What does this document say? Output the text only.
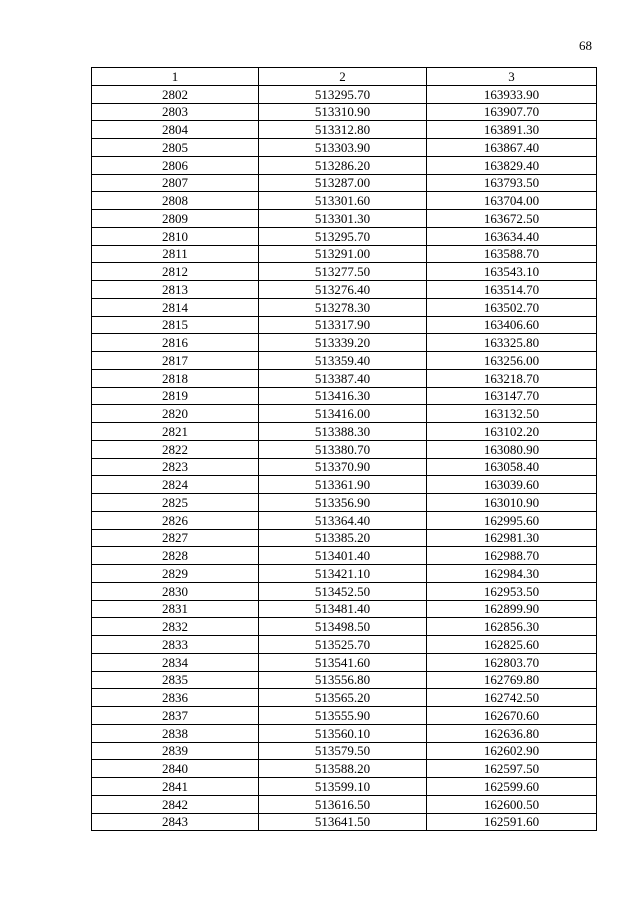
68
1	2	3
2802	513295.70	163933.90
2803	513310.90	163907.70
2804	513312.80	163891.30
2805	513303.90	163867.40
2806	513286.20	163829.40
2807	513287.00	163793.50
2808	513301.60	163704.00
2809	513301.30	163672.50
2810	513295.70	163634.40
2811	513291.00	163588.70
2812	513277.50	163543.10
2813	513276.40	163514.70
2814	513278.30	163502.70
2815	513317.90	163406.60
2816	513339.20	163325.80
2817	513359.40	163256.00
2818	513387.40	163218.70
2819	513416.30	163147.70
2820	513416.00	163132.50
2821	513388.30	163102.20
2822	513380.70	163080.90
2823	513370.90	163058.40
2824	513361.90	163039.60
2825	513356.90	163010.90
2826	513364.40	162995.60
2827	513385.20	162981.30
2828	513401.40	162988.70
2829	513421.10	162984.30
2830	513452.50	162953.50
2831	513481.40	162899.90
2832	513498.50	162856.30
2833	513525.70	162825.60
2834	513541.60	162803.70
2835	513556.80	162769.80
2836	513565.20	162742.50
2837	513555.90	162670.60
2838	513560.10	162636.80
2839	513579.50	162602.90
2840	513588.20	162597.50
2841	513599.10	162599.60
2842	513616.50	162600.50
2843	513641.50	162591.60
